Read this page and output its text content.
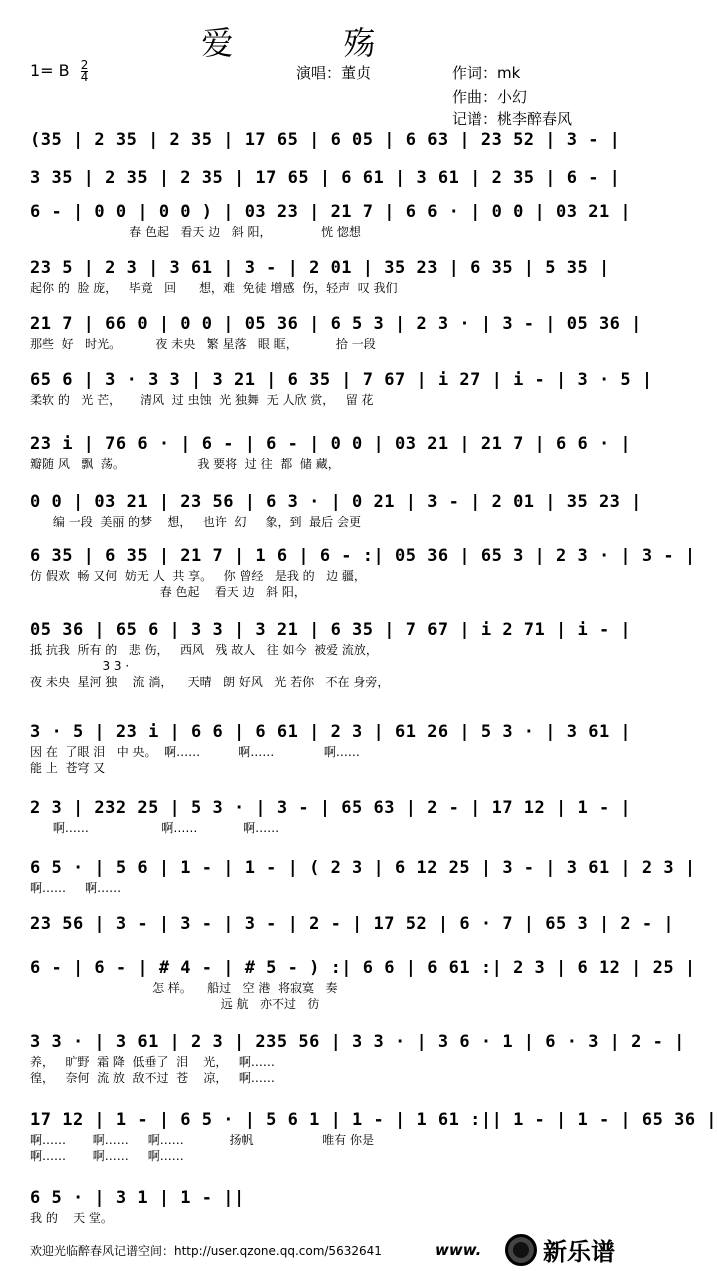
爱 殇
1= B $\frac{2}{4}$	演唱：董贞	作词：mk
作曲：小幻
记谱：桃李醉春风
(35 | 2 35 | 2 35 | 17 65 | 6 05 | 6 63 | 23 52 | 3 - |
3 35 | 2 35 | 2 35 | 17 65 | 6 61 | 3 61 | 2 35 | 6 - |
6 - | 0 0 | 0 0 ) | 03 23 | 21 7 | 6 6 · | 0 0 | 03 21 |
春 色起   看天 边   斜 阳，             恍 惚想
23 5 | 2 3 | 3 61 | 3 - | 2 01 | 35 23 | 6 35 | 5 35 |
起你 的  脸 庞，   毕竟   回      想，难  免徒 增感  伤，轻声  叹 我们
21 7 | 66 0 | 0 0 | 05 36 | 6 5 3 | 2 3 · | 3 - | 05 36 |
那些  好   时光。         夜 未央   繁 星落   眼 眶，          拾 一段
65 6 | 3 · 3 3 | 3 21 | 6 35 | 7 67 | i 27 | i - | 3 · 5 |
柔软 的   光 芒，     清风  过 虫蚀  光 独舞  无 人欣 赏，   留 花
23 i | 76 6 · | 6 - | 6 - | 0 0 | 03 21 | 21 7 | 6 6 · |
瓣随 风   飘  荡。                   我 要将  过 往  都  储 藏，
0 0 | 03 21 | 23 56 | 6 3 · | 0 21 | 3 - | 2 01 | 35 23 |
编 一段  美丽 的梦    想，   也许  幻     象，到  最后 会更
6 35 | 6 35 | 21 7 | 1 6 | 6 - :| 05 36 | 65 3 | 2 3 · | 3 - |
仿 假欢  畅 又何  妨无 人  共 享。   你 曾经   是我 的   边 疆，
春 色起    看天 边   斜 阳，
05 36 | 65 6 | 3 3 | 3 21 | 6 35 | 7 67 | i 2 71 | i - |
抵 抗我  所有 的   悲 伤，   西风   残 故人   往 如今  被爱 流放，
3 3 ·
夜 未央  星河 独    流 淌，    天晴   朗 好风   光 若你   不在 身旁，
3 · 5 | 23 i | 6 6 | 6 61 | 2 3 | 61 26 | 5 3 · | 3 61 |
因 在  了眼 泪   中 央。  啊……          啊……             啊……
能 上  苍穹 又
2 3 | 232 25 | 5 3 · | 3 - | 65 63 | 2 - | 17 12 | 1 - |
啊……                   啊……            啊……
6 5 · | 5 6 | 1 - | 1 - | ( 2 3 | 6 12 25 | 3 - | 3 61 | 2 3 |
啊……     啊……
23 56 | 3 - | 3 - | 3 - | 2 - | 17 52 | 6 · 7 | 65 3 | 2 - |
6 - | 6 - | # 4 - | # 5 - ) :| 6 6 | 6 61 :| 2 3 | 6 12 | 25 |
怎 样。    船过   空 港  将寂寞   奏
远 航   亦不过   彷
3 3 · | 3 61 | 2 3 | 235 56 | 3 3 · | 3 6 · 1 | 6 · 3 | 2 - |
养，   旷野  霜 降  低垂了  泪    光，   啊……
徨，   奈何  流 放  敌不过  苍    凉，   啊……
17 12 | 1 - | 6 5 · | 5 6 1 | 1 - | 1 61 :|| 1 - | 1 - | 65 36 |
啊……       啊……     啊……            扬帆                  唯有 你是
啊……       啊……     啊……
6 5 · | 3 1 | 1 - ||
我 的    天 堂。
欢迎光临醉春风记谱空间：http://user.qzone.qq.com/5632641	www.	新乐谱
